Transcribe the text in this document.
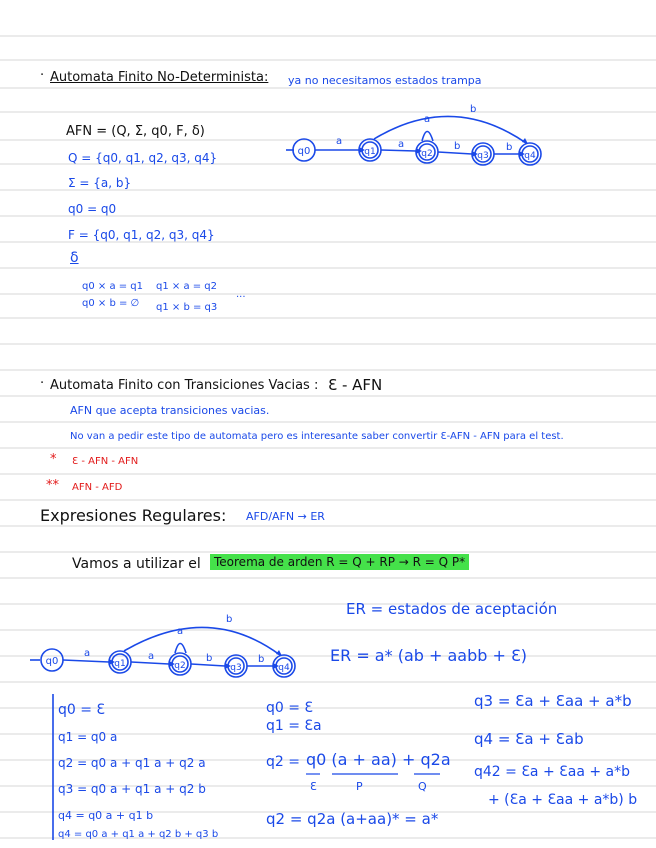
· Automata Finito No-Determinista: ya no necesitamos estados trampa
AFN = (Q, Σ, q0, F, δ)
Q = {q0, q1, q2, q3, q4}
Σ = {a, b}
q0 = q0
F = {q0, q1, q2, q3, q4}
δ
q0 × a = q1 q1 × a = q2
q0 × b = ∅ q1 × b = q3
···
q0	q1	q2	q3	q4
a	a	b	b
a
b
· Automata Finito con Transiciones Vacias : Ɛ - AFN
AFN que acepta transiciones vacias.
No van a pedir este tipo de automata pero es interesante saber convertir Ɛ-AFN - AFN para el test.
* Ɛ - AFN - AFN
** AFN - AFD
Expresiones Regulares: AFD/AFN → ER
Vamos a utilizar el	Teorema de arden R = Q + RP → R = Q P*
ER = estados de aceptación
ER = a* (ab + aabb + Ɛ)
q0	q1	q2	q3	q4
a	a	b	b
a
b
q0 = Ɛ
q1 = q0 a
q2 = q0 a + q1 a + q2 a
q3 = q0 a + q1 a + q2 b
q4 = q0 a + q1 b
q4 = q0 a + q1 a + q2 b + q3 b
q0 = Ɛ
q1 = Ɛa
q2 = q0 (a + aa) + q2a
Ɛ	P	Q
q2 = q2a (a+aa)* = a*
q3 = Ɛa + Ɛaa + a*b
q4 = Ɛa + Ɛab
q42 = Ɛa + Ɛaa + a*b
+ (Ɛa + Ɛaa + a*b) b
